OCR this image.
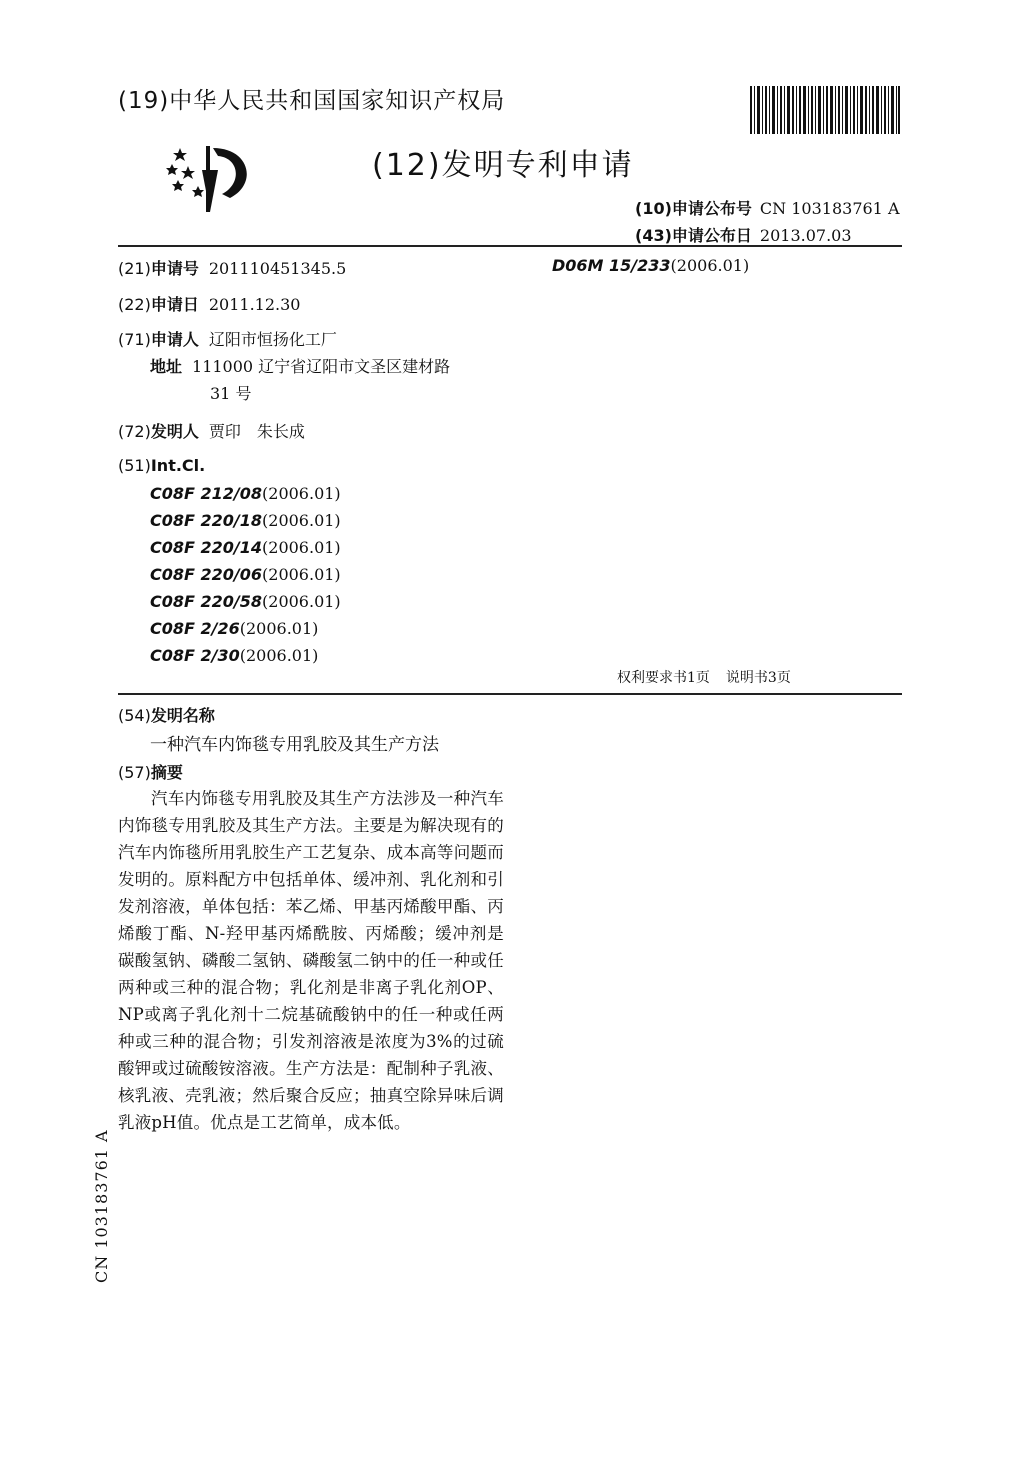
(19)中华人民共和国国家知识产权局
(12)发明专利申请
(10)申请公布号 CN 103183761 A
(43)申请公布日 2013.07.03
(21)申请号 201110451345.5	D06M 15/233(2006.01)
(22)申请日 2011.12.30
(71)申请人 辽阳市恒扬化工厂
地址 111000 辽宁省辽阳市文圣区建材路
31 号
(72)发明人 贾印　朱长成
(51)Int.Cl.
C08F 212/08(2006.01)
C08F 220/18(2006.01)
C08F 220/14(2006.01)
C08F 220/06(2006.01)
C08F 220/58(2006.01)
C08F 2/26(2006.01)
C08F 2/30(2006.01)
权利要求书1页 说明书3页
(54)发明名称
一种汽车内饰毯专用乳胶及其生产方法
(57)摘要
汽车内饰毯专用乳胶及其生产方法涉及一种汽车内饰毯专用乳胶及其生产方法。主要是为解决现有的汽车内饰毯所用乳胶生产工艺复杂、成本高等问题而发明的。原料配方中包括单体、缓冲剂、乳化剂和引发剂溶液，单体包括：苯乙烯、甲基丙烯酸甲酯、丙烯酸丁酯、N-羟甲基丙烯酰胺、丙烯酸；缓冲剂是碳酸氢钠、磷酸二氢钠、磷酸氢二钠中的任一种或任两种或三种的混合物；乳化剂是非离子乳化剂OP、NP或离子乳化剂十二烷基硫酸钠中的任一种或任两种或三种的混合物；引发剂溶液是浓度为3%的过硫酸钾或过硫酸铵溶液。生产方法是：配制种子乳液、核乳液、壳乳液；然后聚合反应；抽真空除异味后调乳液pH值。优点是工艺简单，成本低。
CN 103183761 A
